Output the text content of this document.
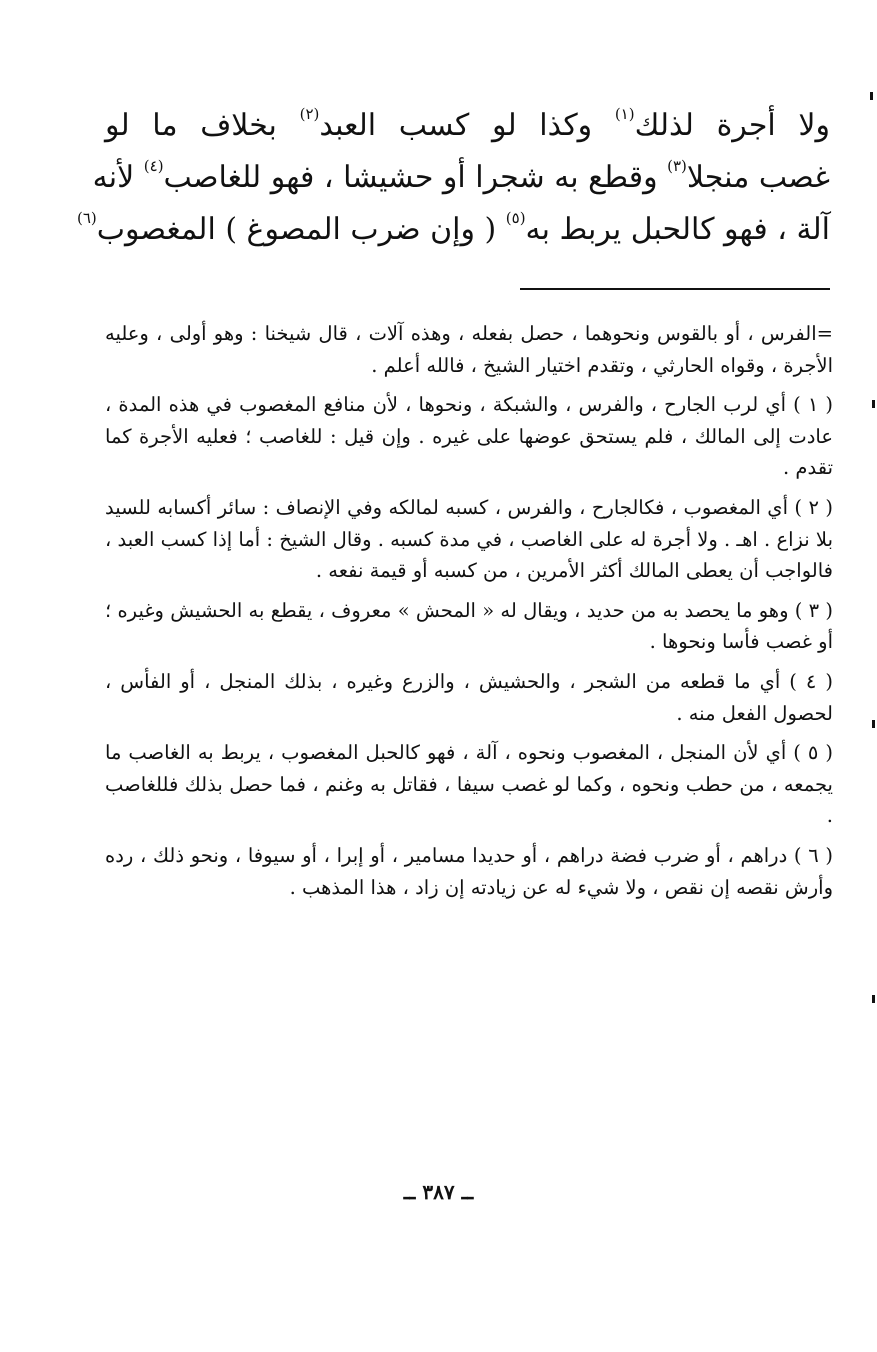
ولا أجرة لذلك$^{(١)}$ وكذا لو كسب العبد$^{(٢)}$ بخلاف ما لو
غصب منجلا$^{(٣)}$ وقطع به شجرا أو حشيشا ، فهو للغاصب$^{(٤)}$ لأنه
آلة ، فهو كالحبل يربط به$^{(٥)}$ ( وإن ضرب المصوغ ) المغصوب$^{(٦)}$

=الفرس ، أو بالقوس ونحوهما ، حصل بفعله ، وهذه آلات ، قال شيخنا : وهو أولى ، وعليه الأجرة ، وقواه الحارثي ، وتقدم اختيار الشيخ ، فالله أعلم .

( ١ ) أي لرب الجارح ، والفرس ، والشبكة ، ونحوها ، لأن منافع المغصوب في هذه المدة ، عادت إلى المالك ، فلم يستحق عوضها على غيره . وإن قيل : للغاصب ؛ فعليه الأجرة كما تقدم .

( ٢ ) أي المغصوب ، فكالجارح ، والفرس ، كسبه لمالكه وفي الإنصاف : سائر أكسابه للسيد بلا نزاع . اهـ . ولا أجرة له على الغاصب ، في مدة كسبه . وقال الشيخ : أما إذا كسب العبد ، فالواجب أن يعطى المالك أكثر الأمرين ، من كسبه أو قيمة نفعه .

( ٣ ) وهو ما يحصد به من حديد ، ويقال له « المحش » معروف ، يقطع به الحشيش وغيره ؛ أو غصب فأسا ونحوها .

( ٤ ) أي ما قطعه من الشجر ، والحشيش ، والزرع وغيره ، بذلك المنجل ، أو الفأس ، لحصول الفعل منه .

( ٥ ) أي لأن المنجل ، المغصوب ونحوه ، آلة ، فهو كالحبل المغصوب ، يربط به الغاصب ما يجمعه ، من حطب ونحوه ، وكما لو غصب سيفا ، فقاتل به وغنم ، فما حصل بذلك فللغاصب .

( ٦ ) دراهم ، أو ضرب فضة دراهم ، أو حديدا مسامير ، أو إبرا ، أو سيوفا ، ونحو ذلك ، رده وأرش نقصه إن نقص ، ولا شيء له عن زيادته إن زاد ، هذا المذهب .

ــ ٣٨٧ ــ
